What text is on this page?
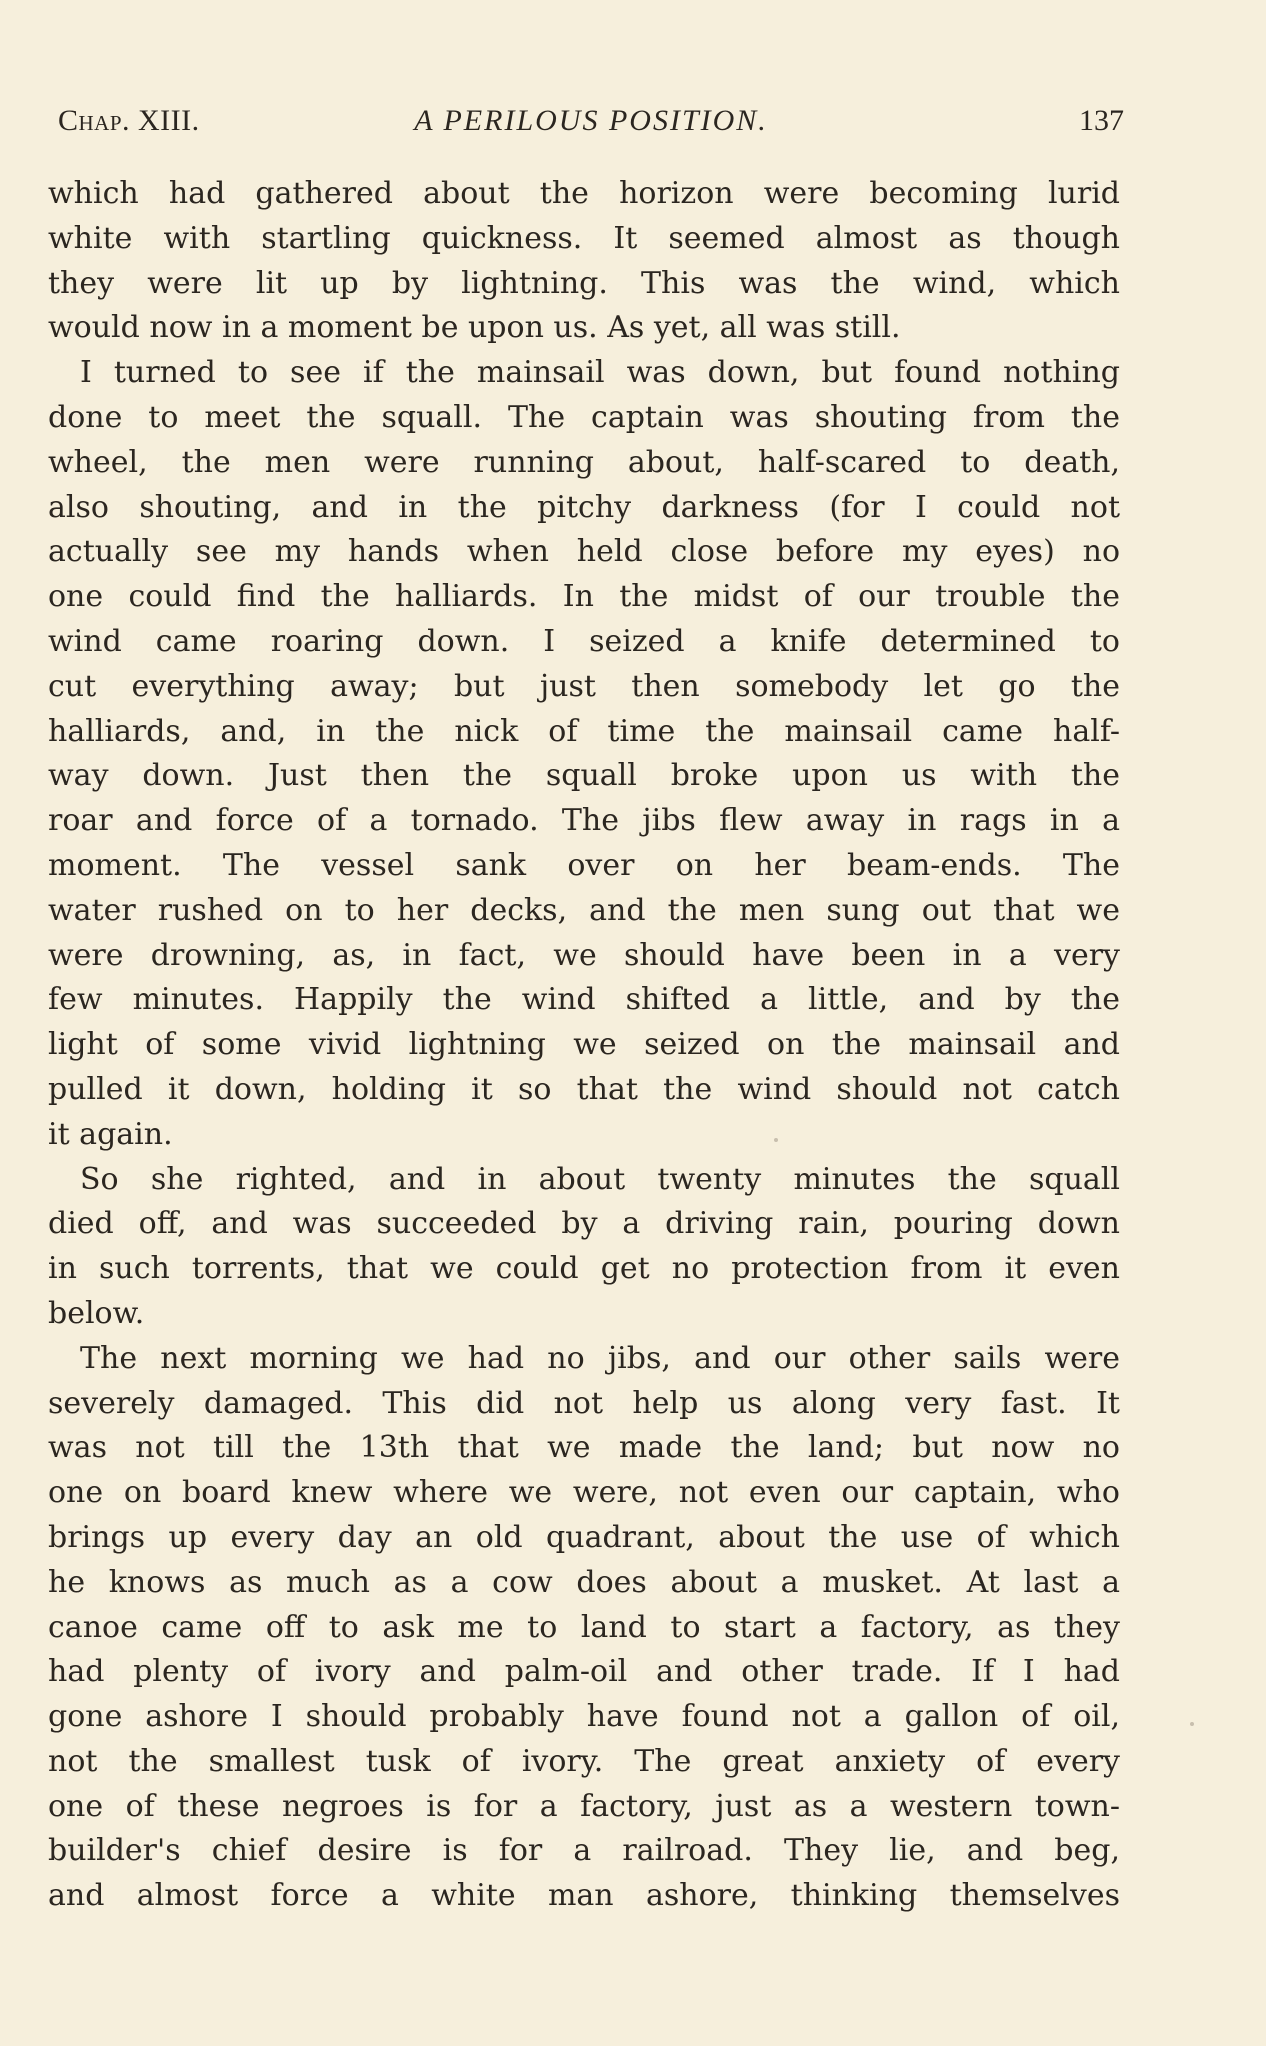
Chap. XIII.	A PERILOUS POSITION.	137
which had gathered about the horizon were becoming lurid
white with startling quickness. It seemed almost as though
they were lit up by lightning. This was the wind, which
would now in a moment be upon us. As yet, all was still.
I turned to see if the mainsail was down, but found nothing
done to meet the squall. The captain was shouting from the
wheel, the men were running about, half-scared to death,
also shouting, and in the pitchy darkness (for I could not
actually see my hands when held close before my eyes) no
one could find the halliards. In the midst of our trouble the
wind came roaring down. I seized a knife determined to
cut everything away; but just then somebody let go the
halliards, and, in the nick of time the mainsail came half-
way down. Just then the squall broke upon us with the
roar and force of a tornado. The jibs flew away in rags in a
moment. The vessel sank over on her beam-ends. The
water rushed on to her decks, and the men sung out that we
were drowning, as, in fact, we should have been in a very
few minutes. Happily the wind shifted a little, and by the
light of some vivid lightning we seized on the mainsail and
pulled it down, holding it so that the wind should not catch
it again.
So she righted, and in about twenty minutes the squall
died off, and was succeeded by a driving rain, pouring down
in such torrents, that we could get no protection from it even
below.
The next morning we had no jibs, and our other sails were
severely damaged. This did not help us along very fast. It
was not till the 13th that we made the land; but now no
one on board knew where we were, not even our captain, who
brings up every day an old quadrant, about the use of which
he knows as much as a cow does about a musket. At last a
canoe came off to ask me to land to start a factory, as they
had plenty of ivory and palm-oil and other trade. If I had
gone ashore I should probably have found not a gallon of oil,
not the smallest tusk of ivory. The great anxiety of every
one of these negroes is for a factory, just as a western town-
builder's chief desire is for a railroad. They lie, and beg,
and almost force a white man ashore, thinking themselves
